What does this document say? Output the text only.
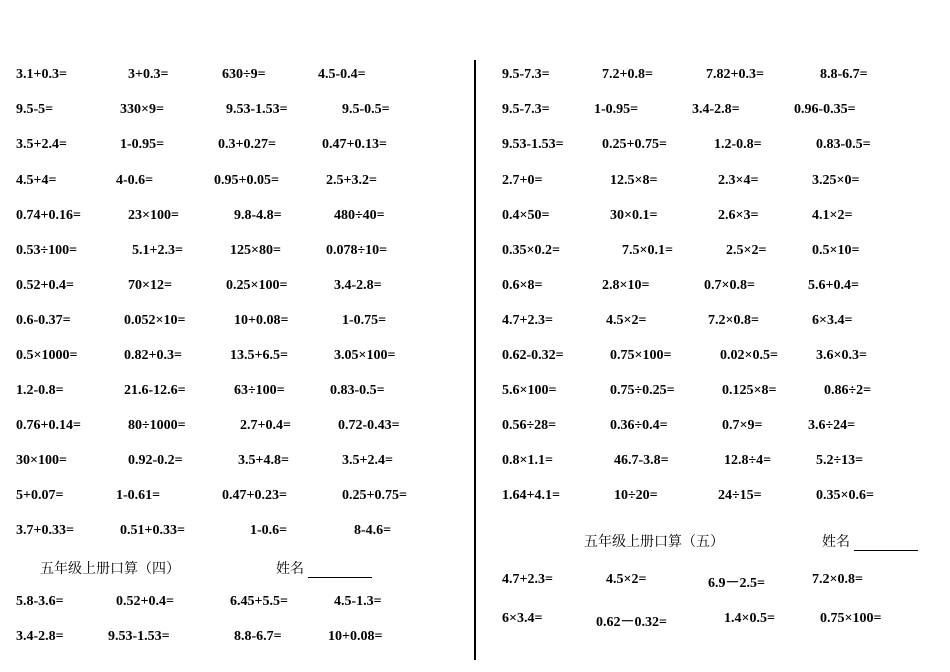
3.1+0.3=	3+0.3=	630÷9=	4.5-0.4=
9.5-5=	330×9=	9.53-1.53=	9.5-0.5=
3.5+2.4=	1-0.95=	0.3+0.27=	0.47+0.13=
4.5+4=	4-0.6=	0.95+0.05=	2.5+3.2=
0.74+0.16=	23×100=	9.8-4.8=	480÷40=
0.53÷100=	5.1+2.3=	125×80=	0.078÷10=
0.52+0.4=	70×12=	0.25×100=	3.4-2.8=
0.6-0.37=	0.052×10=	10+0.08=	1-0.75=
0.5×1000=	0.82+0.3=	13.5+6.5=	3.05×100=
1.2-0.8=	21.6-12.6=	63÷100=	0.83-0.5=
0.76+0.14=	80÷1000=	2.7+0.4=	0.72-0.43=
30×100=	0.92-0.2=	3.5+4.8=	3.5+2.4=
5+0.07=	1-0.61=	0.47+0.23=	0.25+0.75=
3.7+0.33=	0.51+0.33=	1-0.6=	8-4.6=
五年级上册口算（四）	姓名
5.8-3.6=	0.52+0.4=	6.45+5.5=	4.5-1.3=
3.4-2.8=	9.53-1.53=	8.8-6.7=	10+0.08=
9.5-7.3=	7.2+0.8=	7.82+0.3=	8.8-6.7=
9.5-7.3=	1-0.95=	3.4-2.8=	0.96-0.35=
9.53-1.53=	0.25+0.75=	1.2-0.8=	0.83-0.5=
2.7+0=	12.5×8=	2.3×4=	3.25×0=
0.4×50=	30×0.1=	2.6×3=	4.1×2=
0.35×0.2=	7.5×0.1=	2.5×2=	0.5×10=
0.6×8=	2.8×10=	0.7×0.8=	5.6+0.4=
4.7+2.3=	4.5×2=	7.2×0.8=	6×3.4=
0.62-0.32=	0.75×100=	0.02×0.5=	3.6×0.3=
5.6×100=	0.75÷0.25=	0.125×8=	0.86÷2=
0.56÷28=	0.36÷0.4=	0.7×9=	3.6÷24=
0.8×1.1=	46.7-3.8=	12.8÷4=	5.2÷13=
1.64+4.1=	10÷20=	24÷15=	0.35×0.6=
五年级上册口算（五）	姓名
4.7+2.3=	4.5×2=	6.9－2.5=	7.2×0.8=
6×3.4=	0.62－0.32=	1.4×0.5=	0.75×100=
